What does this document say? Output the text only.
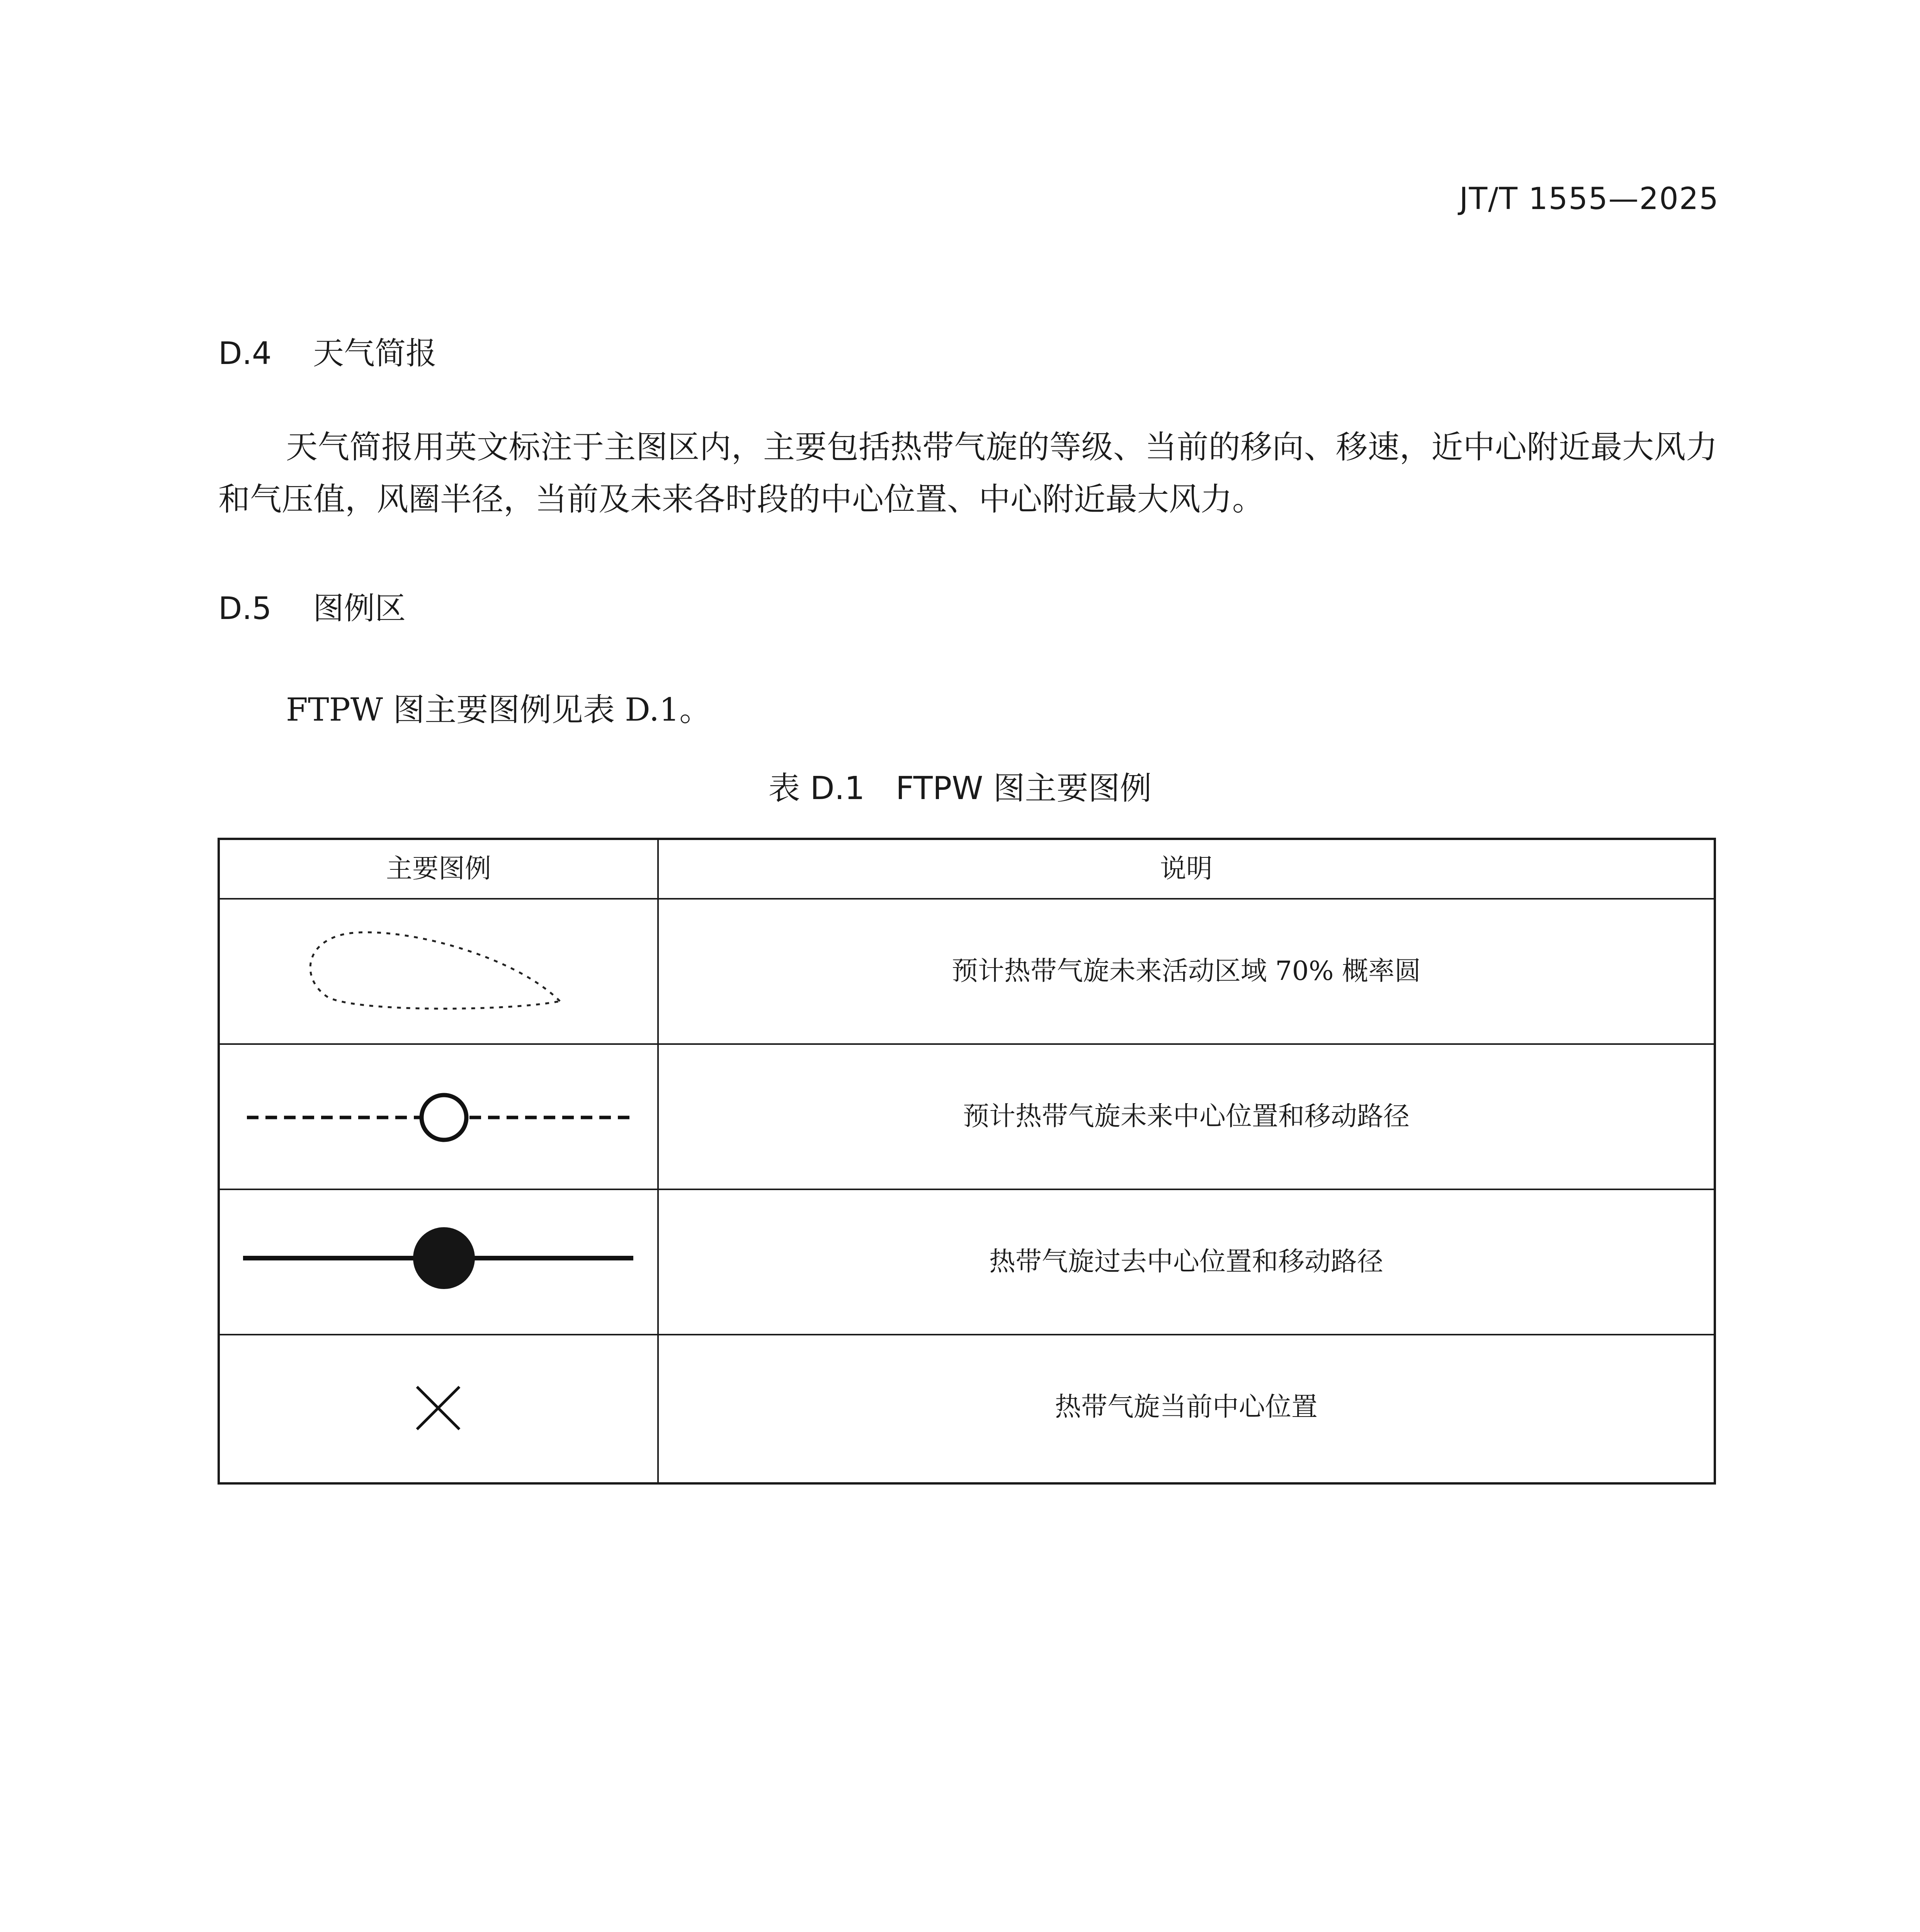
JT/T 1555—2025
D.4 天气简报
天气简报用英文标注于主图区内，主要包括热带气旋的等级、当前的移向、移速，近中心附近最大风力和气压值，风圈半径，当前及未来各时段的中心位置、中心附近最大风力。
D.5 图例区
FTPW 图主要图例见表 D.1。
表 D.1 FTPW 图主要图例
主要图例	说明
预计热带气旋未来活动区域 70% 概率圆
预计热带气旋未来中心位置和移动路径
热带气旋过去中心位置和移动路径
热带气旋当前中心位置
